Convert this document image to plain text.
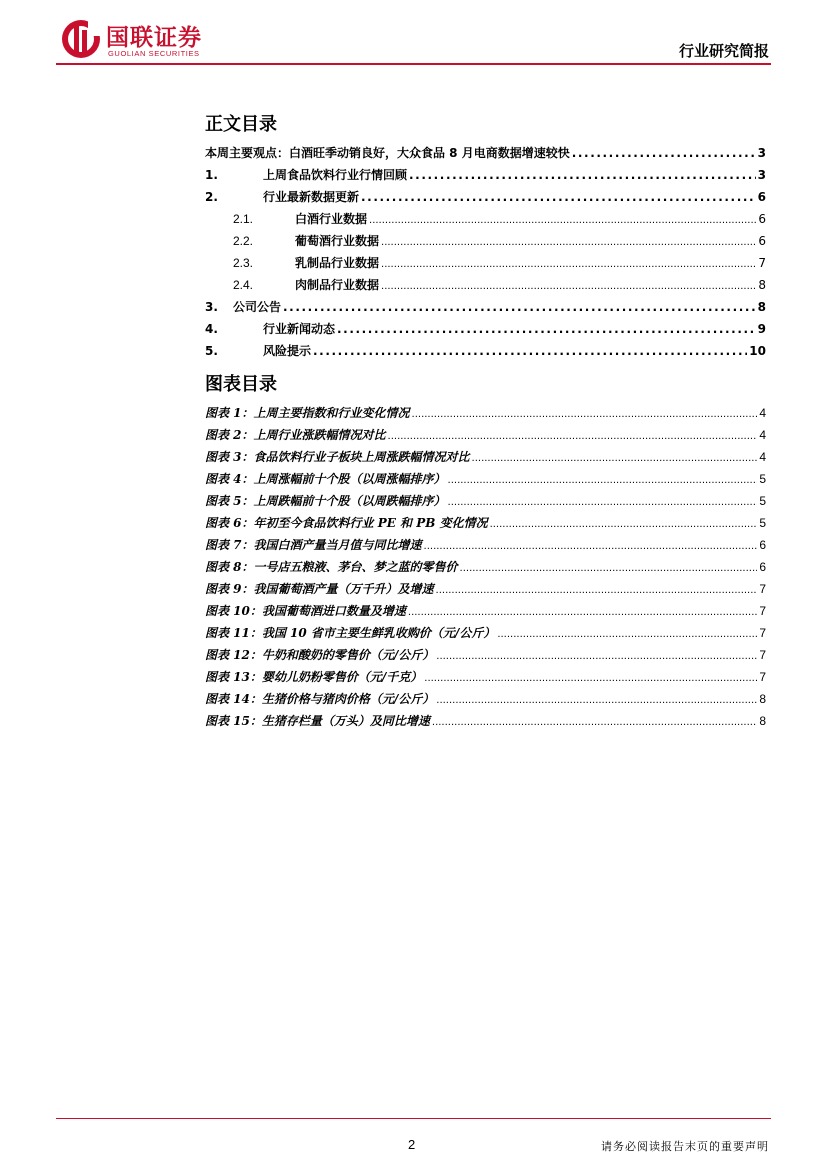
国联证券
GUOLIAN SECURITIES	行业研究简报
正文目录
本周主要观点：白酒旺季动销良好，大众食品 8 月电商数据增速较快 .....	3
1.	上周食品饮料行业行情回顾 .....	3
2.	行业最新数据更新 .....	6
2.1.	白酒行业数据 .....	6
2.2.	葡萄酒行业数据 .....	6
2.3.	乳制品行业数据 .....	7
2.4.	肉制品行业数据 .....	8
3.	公司公告 .....	8
4.	行业新闻动态 .....	9
5.	风险提示 .....	10
图表目录
图表 1：上周主要指数和行业变化情况 .....	4
图表 2：上周行业涨跌幅情况对比 .....	4
图表 3：食品饮料行业子板块上周涨跌幅情况对比 .....	4
图表 4：上周涨幅前十个股（以周涨幅排序） .....	5
图表 5：上周跌幅前十个股（以周跌幅排序） .....	5
图表 6：年初至今食品饮料行业 PE 和 PB 变化情况 .....	5
图表 7：我国白酒产量当月值与同比增速 .....	6
图表 8：一号店五粮液、茅台、梦之蓝的零售价 .....	6
图表 9：我国葡萄酒产量（万千升）及增速 .....	7
图表 10：我国葡萄酒进口数量及增速 .....	7
图表 11：我国 10 省市主要生鲜乳收购价（元/公斤） .....	7
图表 12：牛奶和酸奶的零售价（元/公斤） .....	7
图表 13：婴幼儿奶粉零售价（元/千克） .....	7
图表 14：生猪价格与猪肉价格（元/公斤） .....	8
图表 15：生猪存栏量（万头）及同比增速 .....	8
2	请务必阅读报告末页的重要声明
